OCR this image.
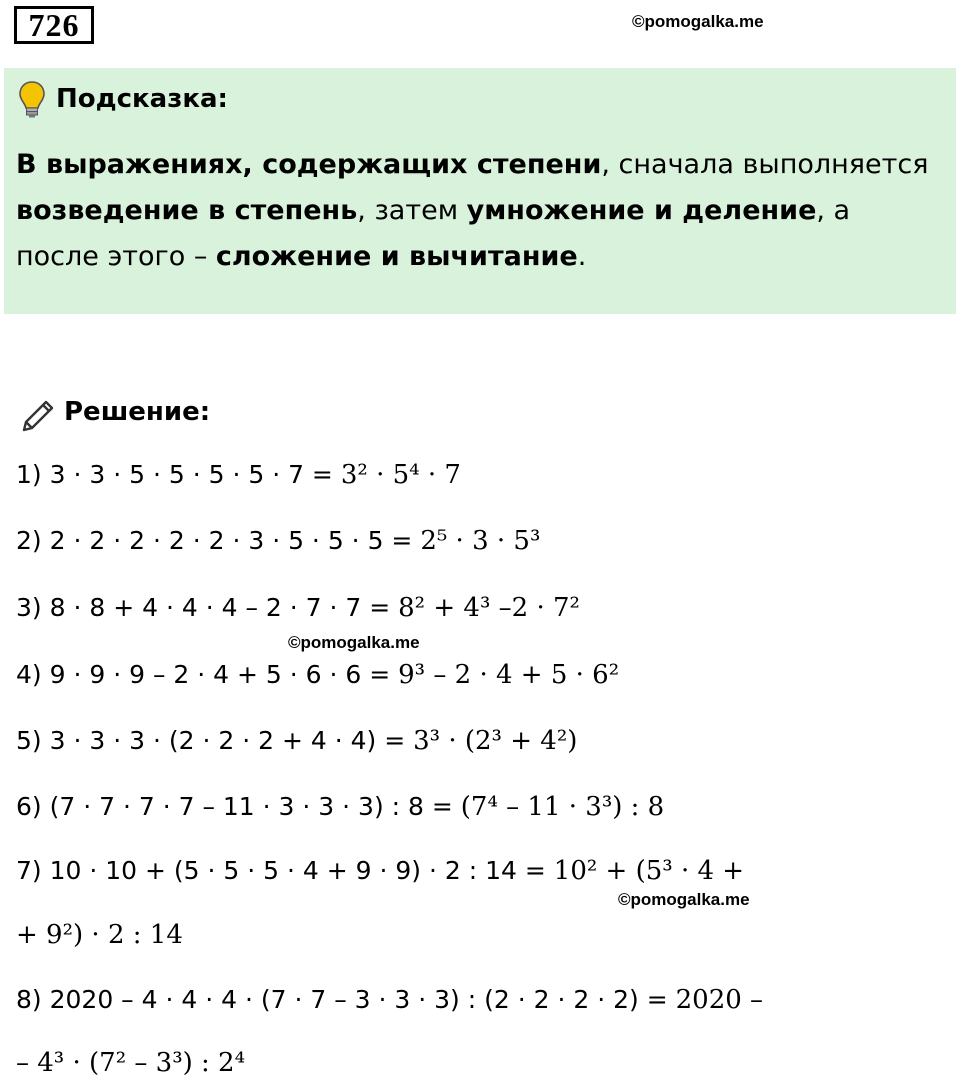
726	©pomogalka.me
Подсказка:
В выражениях, содержащих степени, сначала выполняется возведение в степень, затем умножение и деление, а после этого – сложение и вычитание.
Решение:
1) 3 · 3 · 5 · 5 · 5 · 5 · 7 = 3² · 5⁴ · 7
2) 2 · 2 · 2 · 2 · 2 · 3 · 5 · 5 · 5 = 2⁵ · 3 · 5³
3) 8 · 8 + 4 · 4 · 4 – 2 · 7 · 7 = 8² + 4³ –2 · 7²
©pomogalka.me
4) 9 · 9 · 9 – 2 · 4 + 5 · 6 · 6 = 9³ – 2 · 4 + 5 · 6²
5) 3 · 3 · 3 · (2 · 2 · 2 + 4 · 4) = 3³ · (2³ + 4²)
6) (7 · 7 · 7 · 7 – 11 · 3 · 3 · 3) : 8 = (7⁴ – 11 · 3³) : 8
7) 10 · 10 + (5 · 5 · 5 · 4 + 9 · 9) · 2 : 14 = 10² + (5³ · 4 +
©pomogalka.me
+ 9²) · 2 : 14
8) 2020 – 4 · 4 · 4 · (7 · 7 – 3 · 3 · 3) : (2 · 2 · 2 · 2) = 2020 –
– 4³ · (7² – 3³) : 2⁴
